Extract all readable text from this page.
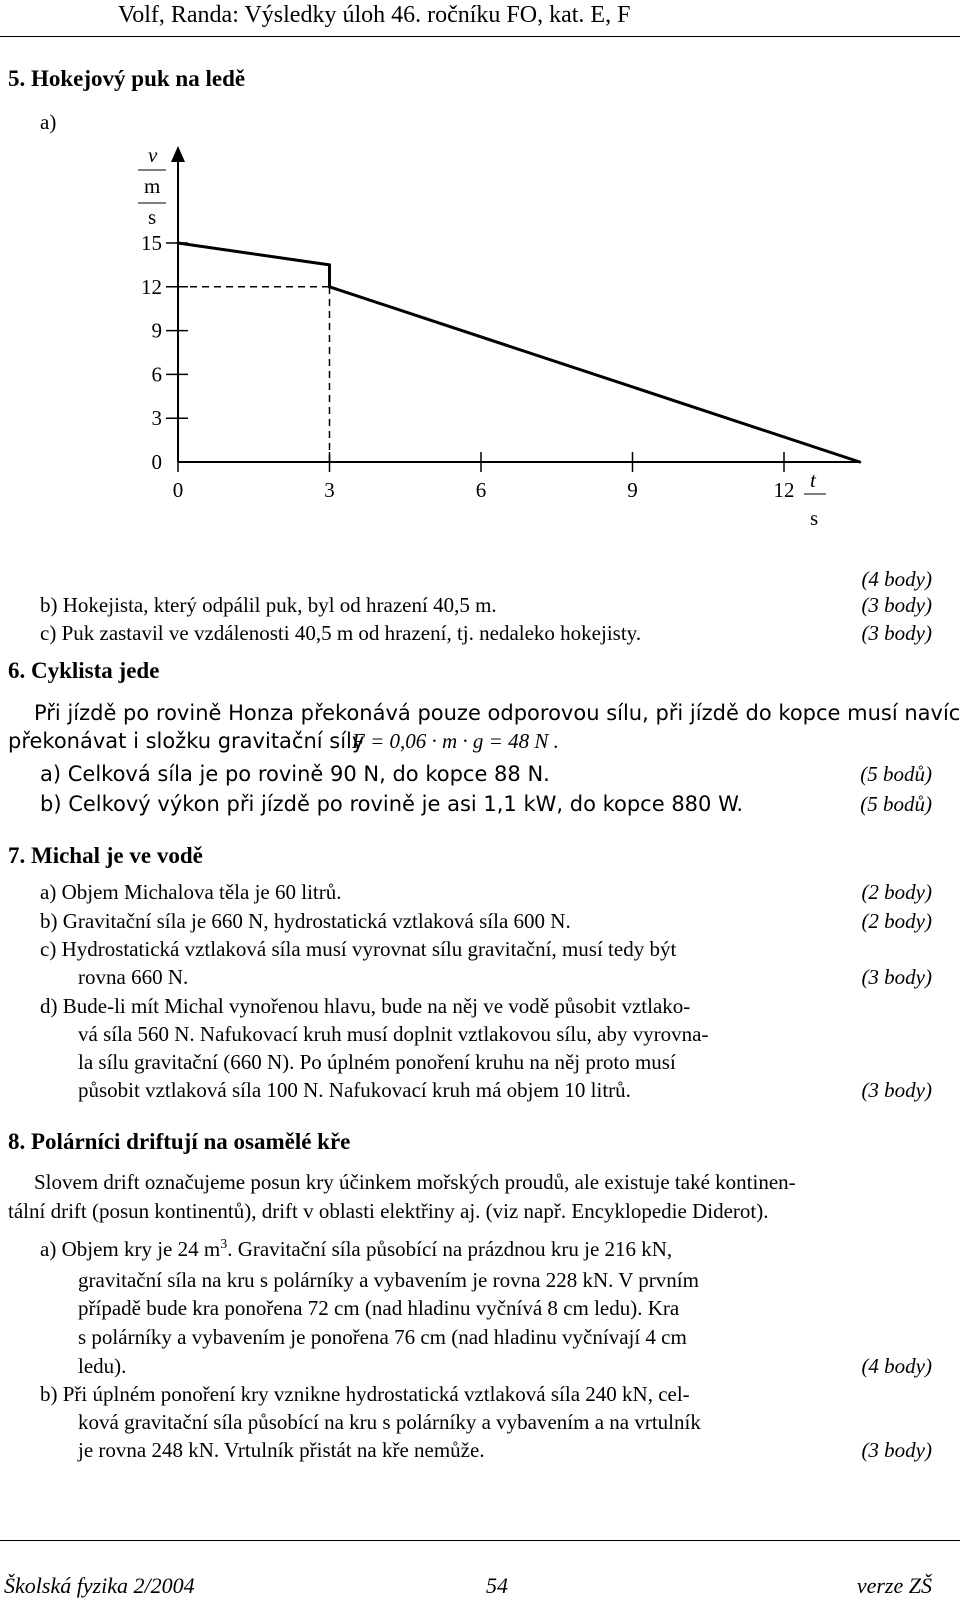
Volf, Randa: Výsledky úloh 46. ročníku FO, kat. E, F
5. Hokejový puk na ledě
a)
v
m
s
t
s
15
12
9
6
3
0
0	3	6	9	12
(4 body)
b) Hokejista, který odpálil puk, byl od hrazení 40,5 m.	(3 body)
c) Puk zastavil ve vzdálenosti 40,5 m od hrazení, tj. nedaleko hokejisty.	(3 body)
6. Cyklista jede
Při jízdě po rovině Honza překonává pouze odporovou sílu, při jízdě do kopce musí navíc
překonávat i složku gravitační síly
F = 0,06 · m · g = 48 N .
a) Celková síla je po rovině 90 N, do kopce 88 N.	(5 bodů)
b) Celkový výkon při jízdě po rovině je asi 1,1 kW, do kopce 880 W.	(5 bodů)
7. Michal je ve vodě
a) Objem Michalova těla je 60 litrů.	(2 body)
b) Gravitační síla je 660 N, hydrostatická vztlaková síla 600 N.	(2 body)
c) Hydrostatická vztlaková síla musí vyrovnat sílu gravitační, musí tedy být
rovna 660 N.	(3 body)
d) Bude-li mít Michal vynořenou hlavu, bude na něj ve vodě působit vztlako-
vá síla 560 N. Nafukovací kruh musí doplnit vztlakovou sílu, aby vyrovna-
la sílu gravitační (660 N). Po úplném ponoření kruhu na něj proto musí
působit vztlaková síla 100 N. Nafukovací kruh má objem 10 litrů.	(3 body)
8. Polárníci driftují na osamělé kře
Slovem drift označujeme posun kry účinkem mořských proudů, ale existuje také kontinen-
tální drift (posun kontinentů), drift v oblasti elektřiny aj. (viz např. Encyklopedie Diderot).
a) Objem kry je 24 $m^3$. Gravitační síla působící na prázdnou kru je 216 kN,
gravitační síla na kru s polárníky a vybavením je rovna 228 kN. V prvním
případě bude kra ponořena 72 cm (nad hladinu vyčnívá 8 cm ledu). Kra
s polárníky a vybavením je ponořena 76 cm (nad hladinu vyčnívají 4 cm
ledu).	(4 body)
b) Při úplném ponoření kry vznikne hydrostatická vztlaková síla 240 kN, cel-
ková gravitační síla působící na kru s polárníky a vybavením a na vrtulník
je rovna 248 kN. Vrtulník přistát na kře nemůže.	(3 body)
Školská fyzika 2/2004	54	verze ZŠ
